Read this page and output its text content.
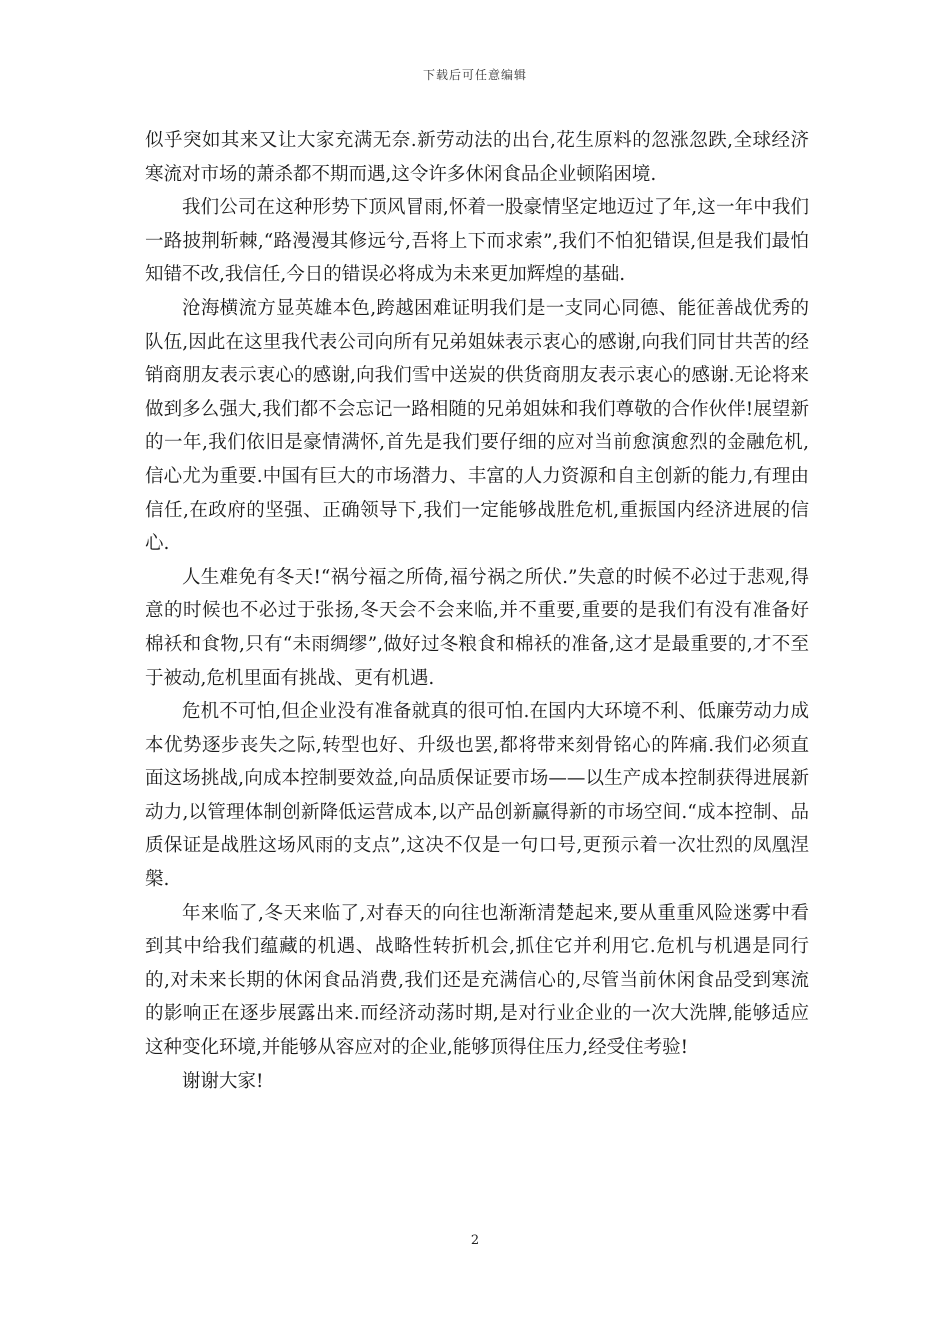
下载后可任意编辑

似乎突如其来又让大家充满无奈.新劳动法的出台,花生原料的忽涨忽跌,全球经济寒流对市场的萧杀都不期而遇,这令许多休闲食品企业顿陷困境.

我们公司在这种形势下顶风冒雨,怀着一股豪情坚定地迈过了年,这一年中我们一路披荆斩棘,“路漫漫其修远兮,吾将上下而求索”,我们不怕犯错误,但是我们最怕知错不改,我信任,今日的错误必将成为未来更加辉煌的基础.

沧海横流方显英雄本色,跨越困难证明我们是一支同心同德、能征善战优秀的队伍,因此在这里我代表公司向所有兄弟姐妹表示衷心的感谢,向我们同甘共苦的经销商朋友表示衷心的感谢,向我们雪中送炭的供货商朋友表示衷心的感谢.无论将来做到多么强大,我们都不会忘记一路相随的兄弟姐妹和我们尊敬的合作伙伴!展望新的一年,我们依旧是豪情满怀,首先是我们要仔细的应对当前愈演愈烈的金融危机,信心尤为重要.中国有巨大的市场潜力、丰富的人力资源和自主创新的能力,有理由信任,在政府的坚强、正确领导下,我们一定能够战胜危机,重振国内经济进展的信心.

人生难免有冬天!“祸兮福之所倚,福兮祸之所伏.”失意的时候不必过于悲观,得意的时候也不必过于张扬,冬天会不会来临,并不重要,重要的是我们有没有准备好棉袄和食物,只有“未雨绸缪”,做好过冬粮食和棉袄的准备,这才是最重要的,才不至于被动,危机里面有挑战、更有机遇.

危机不可怕,但企业没有准备就真的很可怕.在国内大环境不利、低廉劳动力成本优势逐步丧失之际,转型也好、升级也罢,都将带来刻骨铭心的阵痛.我们必须直面这场挑战,向成本控制要效益,向品质保证要市场——以生产成本控制获得进展新动力,以管理体制创新降低运营成本,以产品创新赢得新的市场空间.“成本控制、品质保证是战胜这场风雨的支点”,这决不仅是一句口号,更预示着一次壮烈的凤凰涅槃.

年来临了,冬天来临了,对春天的向往也渐渐清楚起来,要从重重风险迷雾中看到其中给我们蕴藏的机遇、战略性转折机会,抓住它并利用它.危机与机遇是同行的,对未来长期的休闲食品消费,我们还是充满信心的,尽管当前休闲食品受到寒流的影响正在逐步展露出来.而经济动荡时期,是对行业企业的一次大洗牌,能够适应这种变化环境,并能够从容应对的企业,能够顶得住压力,经受住考验!

谢谢大家!

2
